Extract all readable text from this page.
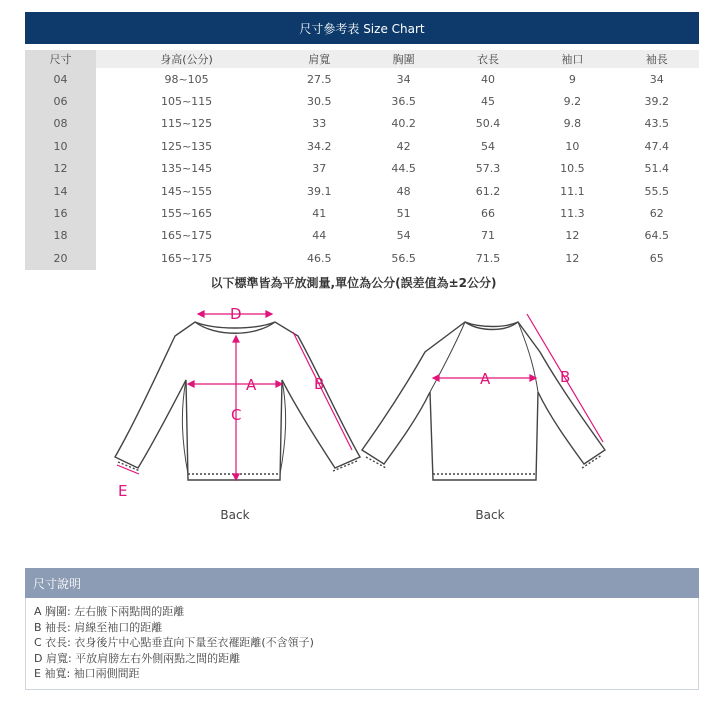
尺寸參考表 Size Chart
尺寸	身高(公分)	肩寬	胸圍	衣長	袖口	袖長
04	98~105	27.5	34	40	9	34
06	105~115	30.5	36.5	45	9.2	39.2
08	115~125	33	40.2	50.4	9.8	43.5
10	125~135	34.2	42	54	10	47.4
12	135~145	37	44.5	57.3	10.5	51.4
14	145~155	39.1	48	61.2	11.1	55.5
16	155~165	41	51	66	11.3	62
18	165~175	44	54	71	12	64.5
20	165~175	46.5	56.5	71.5	12	65
以下標準皆為平放測量,單位為公分(誤差值為±2公分)
D
A
C
B
E
Back
A	B
Back
尺寸說明
A 胸圍: 左右腋下兩點間的距離
B 袖長: 肩線至袖口的距離
C 衣長: 衣身後片中心點垂直向下量至衣襬距離(不含領子)
D 肩寬: 平放肩膀左右外側兩點之間的距離
E 袖寬: 袖口兩側間距
